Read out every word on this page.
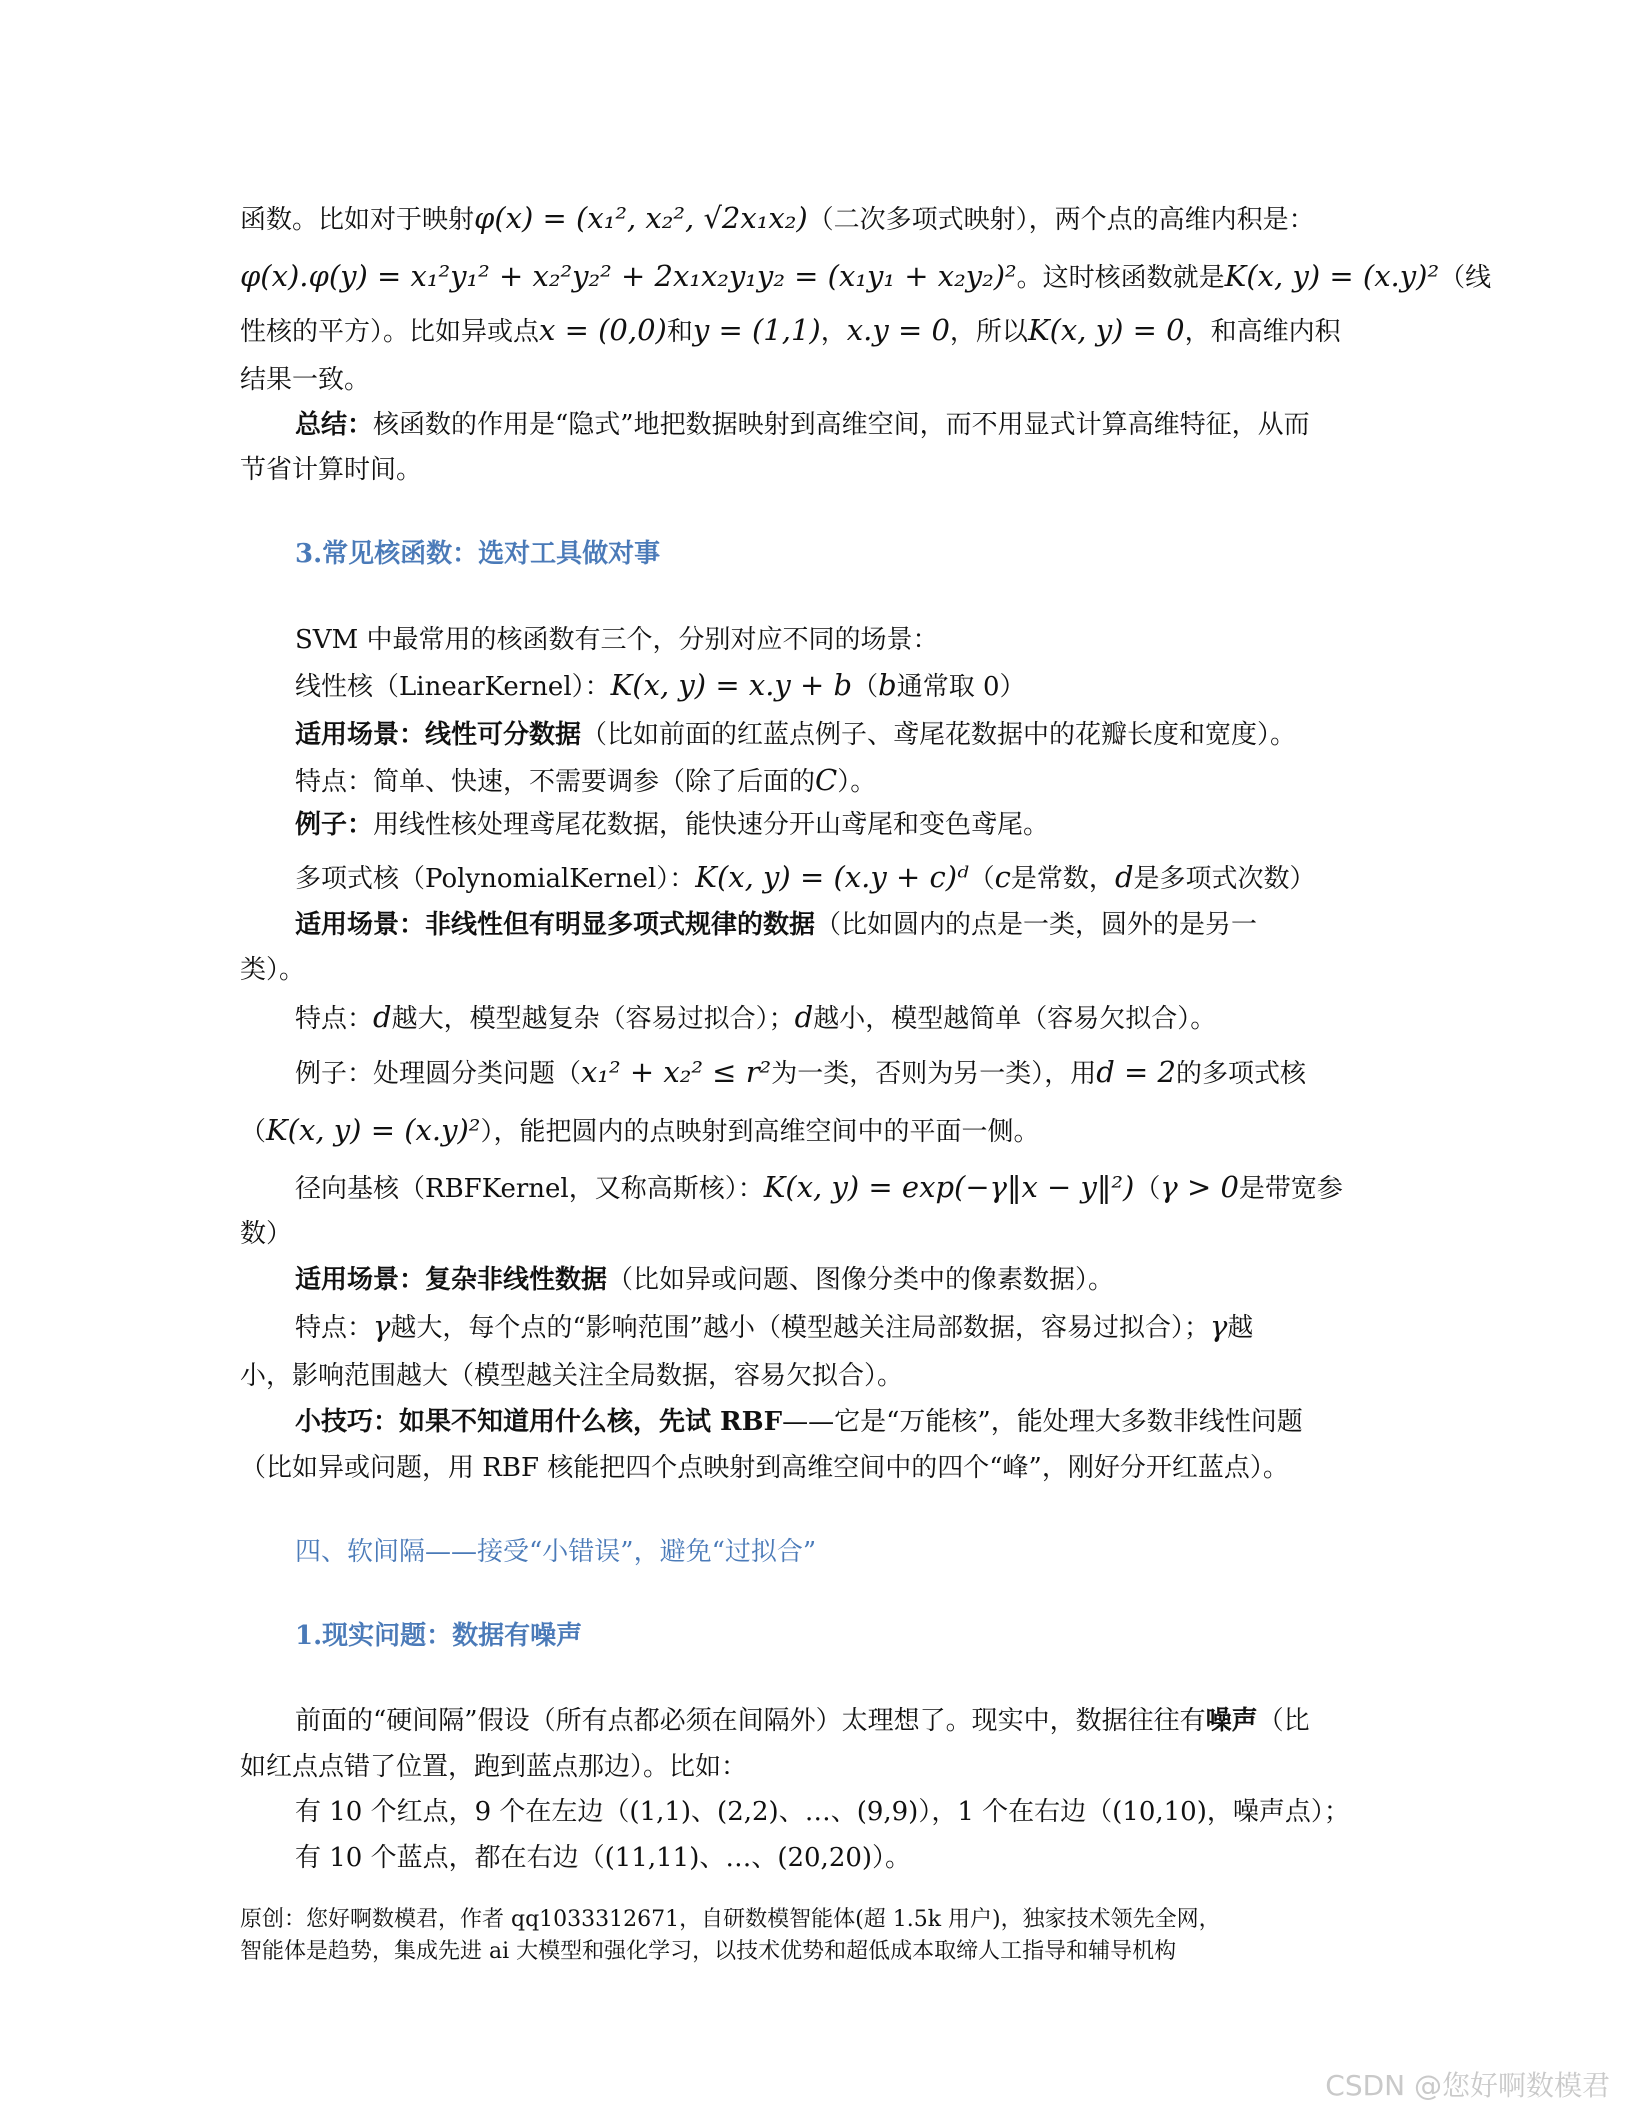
函数。比如对于映射φ(x) = (x₁², x₂², √2x₁x₂)（二次多项式映射），两个点的高维内积是：
φ(x).φ(y) = x₁²y₁² + x₂²y₂² + 2x₁x₂y₁y₂ = (x₁y₁ + x₂y₂)²。这时核函数就是K(x, y) = (x.y)²（线
性核的平方）。比如异或点x = (0,0)和y = (1,1)，x.y = 0，所以K(x, y) = 0，和高维内积
结果一致。
总结：核函数的作用是“隐式”地把数据映射到高维空间，而不用显式计算高维特征，从而
节省计算时间。
3.常见核函数：选对工具做对事
SVM 中最常用的核函数有三个，分别对应不同的场景：
线性核（LinearKernel）：K(x, y) = x.y + b（b通常取 0）
适用场景：线性可分数据（比如前面的红蓝点例子、鸢尾花数据中的花瓣长度和宽度）。
特点：简单、快速，不需要调参（除了后面的C）。
例子：用线性核处理鸢尾花数据，能快速分开山鸢尾和变色鸢尾。
多项式核（PolynomialKernel）：K(x, y) = (x.y + c)ᵈ（c是常数，d是多项式次数）
适用场景：非线性但有明显多项式规律的数据（比如圆内的点是一类，圆外的是另一
类）。
特点：d越大，模型越复杂（容易过拟合）；d越小，模型越简单（容易欠拟合）。
例子：处理圆分类问题（x₁² + x₂² ≤ r²为一类，否则为另一类），用d = 2的多项式核
（K(x, y) = (x.y)²），能把圆内的点映射到高维空间中的平面一侧。
径向基核（RBFKernel，又称高斯核）：K(x, y) = exp(−γ‖x − y‖²)（γ > 0是带宽参
数）
适用场景：复杂非线性数据（比如异或问题、图像分类中的像素数据）。
特点：γ越大，每个点的“影响范围”越小（模型越关注局部数据，容易过拟合）；γ越
小，影响范围越大（模型越关注全局数据，容易欠拟合）。
小技巧：如果不知道用什么核，先试 RBF——它是“万能核”，能处理大多数非线性问题
（比如异或问题，用 RBF 核能把四个点映射到高维空间中的四个“峰”，刚好分开红蓝点）。
四、软间隔——接受“小错误”，避免“过拟合”
1.现实问题：数据有噪声
前面的“硬间隔”假设（所有点都必须在间隔外）太理想了。现实中，数据往往有噪声（比
如红点点错了位置，跑到蓝点那边）。比如：
有 10 个红点，9 个在左边（(1,1)、(2,2)、…、(9,9)），1 个在右边（(10,10)，噪声点）；
有 10 个蓝点，都在右边（(11,11)、…、(20,20)）。
原创：您好啊数模君，作者 qq1033312671，自研数模智能体(超 1.5k 用户)，独家技术领先全网，
智能体是趋势，集成先进 ai 大模型和强化学习，以技术优势和超低成本取缔人工指导和辅导机构
CSDN @您好啊数模君
